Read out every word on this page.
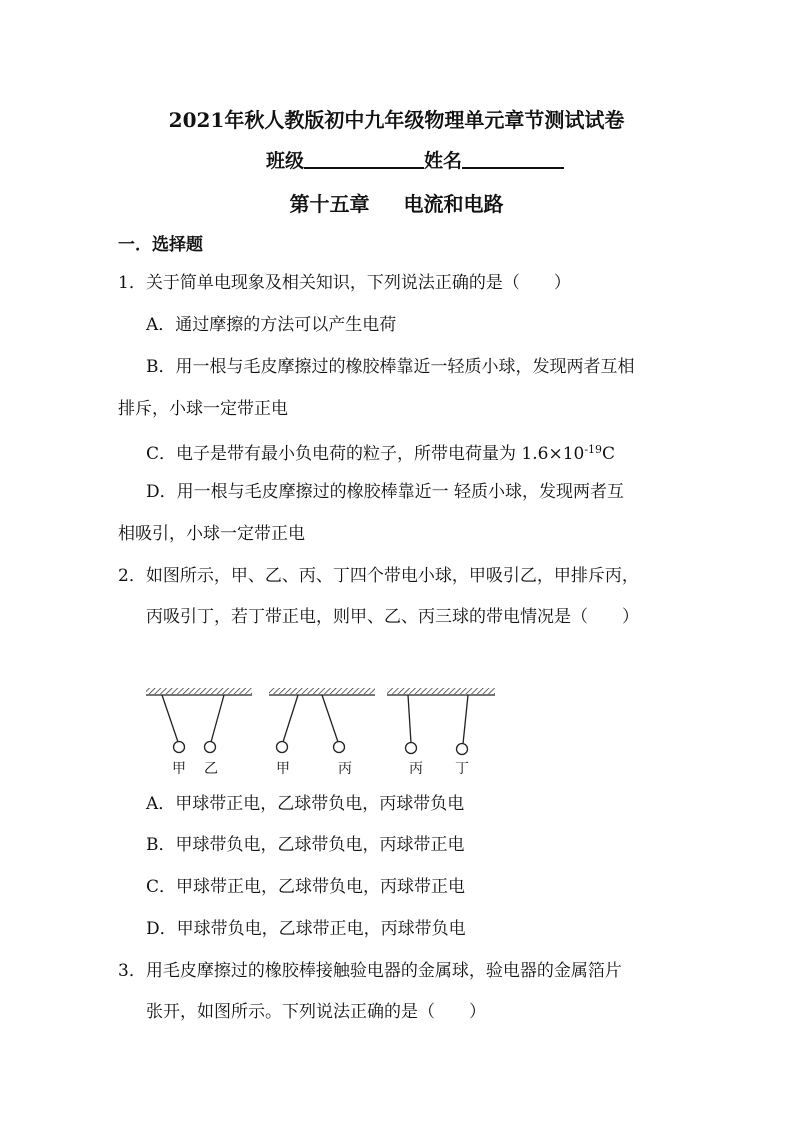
2021年秋人教版初中九年级物理单元章节测试试卷
班级	姓名
第十五章 电流和电路
一．选择题
1．关于简单电现象及相关知识，下列说法正确的是（　　）
A．通过摩擦的方法可以产生电荷
B．用一根与毛皮摩擦过的橡胶棒靠近一轻质小球，发现两者互相
排斥，小球一定带正电
C．电子是带有最小负电荷的粒子，所带电荷量为 $1.6\times 10^{-19}C$
D．用一根与毛皮摩擦过的橡胶棒靠近一 轻质小球，发现两者互
相吸引，小球一定带正电
2．如图所示，甲、乙、丙、丁四个带电小球，甲吸引乙，甲排斥丙，
丙吸引丁，若丁带正电，则甲、乙、丙三球的带电情况是（　　）
甲 乙	甲	丙	丙 丁
A．甲球带正电，乙球带负电，丙球带负电
B．甲球带负电，乙球带负电，丙球带正电
C．甲球带正电，乙球带负电，丙球带正电
D．甲球带负电，乙球带正电，丙球带负电
3．用毛皮摩擦过的橡胶棒接触验电器的金属球，验电器的金属箔片
张开，如图所示。下列说法正确的是（　　）
